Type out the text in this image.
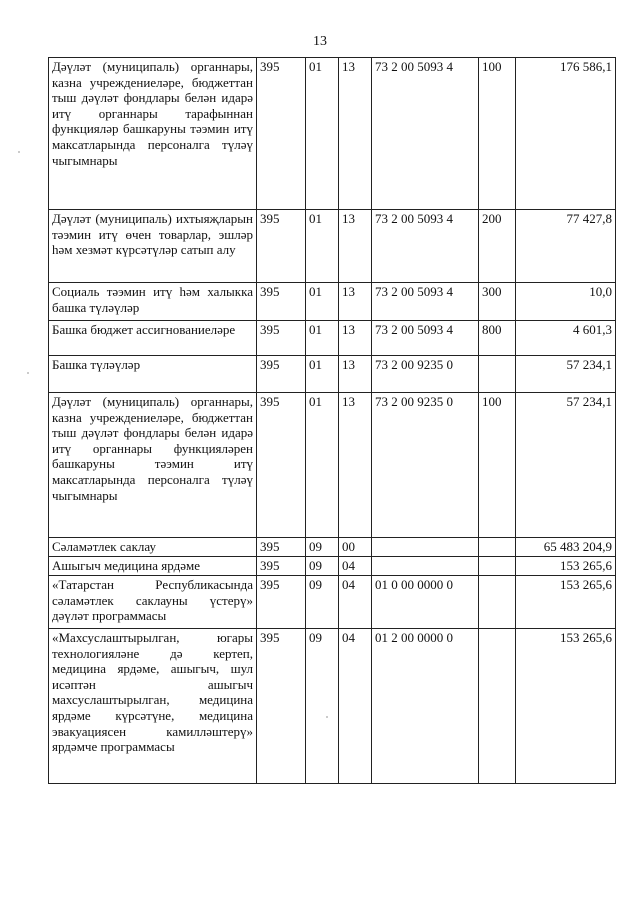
13
Дәүләт (муниципаль) органнары, казна учреждениеләре, бюджеттан тыш дәүләт фондлары белән идарә итү органнары тарафыннан функцияләр башкаруны тәэмин итү максатларында персоналга түләү чыгымнары	395	01	13	73 2 00 5093 4	100	176 586,1
Дәүләт (муниципаль) ихтыяҗларын тәэмин итү өчен товарлар, эшләр һәм хезмәт күрсәтүләр сатып алу	395	01	13	73 2 00 5093 4	200	77 427,8
Социаль тәэмин итү һәм халыкка башка түләүләр	395	01	13	73 2 00 5093 4	300	10,0
Башка бюджет ассигнованиеләре	395	01	13	73 2 00 5093 4	800	4 601,3
Башка түләүләр	395	01	13	73 2 00 9235 0		57 234,1
Дәүләт (муниципаль) органнары, казна учреждениеләре, бюджеттан тыш дәүләт фондлары белән идарә итү органнары функцияләрен башкаруны тәэмин итү максатларында персоналга түләү чыгымнары	395	01	13	73 2 00 9235 0	100	57 234,1
Сәламәтлек саклау	395	09	00			65 483 204,9
Ашыгыч медицина ярдәме	395	09	04			153 265,6
«Татарстан Республикасында сәламәтлек саклауны үстерү» дәүләт программасы	395	09	04	01 0 00 0000 0		153 265,6
«Махсуслаштырылган, югары технологияләне дә кертеп, медицина ярдәме, ашыгыч, шул исәптән ашыгыч махсуслаштырылган, медицина ярдәме күрсәтүне, медицина эвакуациясен камилләштерү» ярдәмче программасы	395	09	04	01 2 00 0000 0		153 265,6
